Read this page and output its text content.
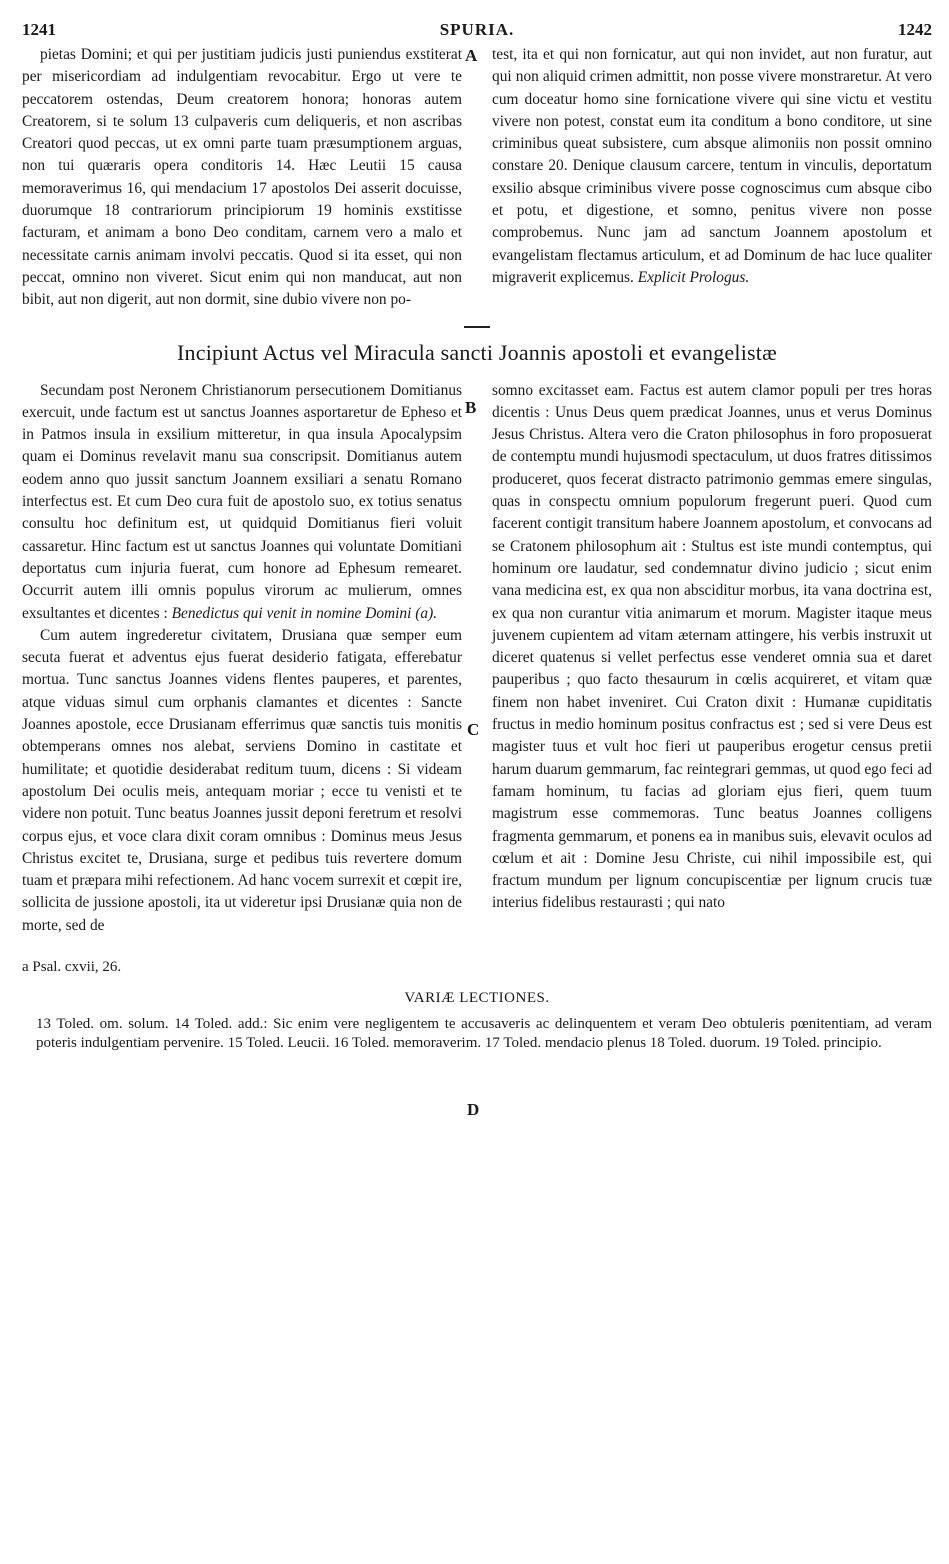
1241	SPURIA.	1242

pietas Domini; et qui per justitiam judicis justi puniendus exstiterat per misericordiam ad indulgentiam revocabitur. Ergo ut vere te peccatorem ostendas, Deum creatorem honora; honoras autem Creatorem, si te solum 13 culpaveris cum deliqueris, et non ascribas Creatori quod peccas, ut ex omni parte tuam præsumptionem arguas, non tui quæraris opera conditoris 14. Hæc Leutii 15 causa memoraverimus 16, qui mendacium 17 apostolos Dei asserit docuisse, duorumque 18 contrariorum principiorum 19 hominis exstitisse facturam, et animam a bono Deo conditam, carnem vero a malo et necessitate carnis animam involvi peccatis. Quod si ita esset, qui non peccat, omnino non viveret. Sicut enim qui non manducat, aut non bibit, aut non digerit, aut non dormit, sine dubio vivere non po-

test, ita et qui non fornicatur, aut qui non invidet, aut non furatur, aut qui non aliquid crimen admittit, non posse vivere monstraretur. At vero cum doceatur homo sine fornicatione vivere qui sine victu et vestitu vivere non potest, constat eum ita conditum a bono conditore, ut sine criminibus queat subsistere, cum absque alimoniis non possit omnino constare 20. Denique clausum carcere, tentum in vinculis, deportatum exsilio absque criminibus vivere posse cognoscimus cum absque cibo et potu, et digestione, et somno, penitus vivere non posse comprobemus. Nunc jam ad sanctum Joannem apostolum et evangelistam flectamus articulum, et ad Dominum de hac luce qualiter migraverit explicemus. Explicit Prologus.

A
B
Incipiunt Actus vel Miracula sancti Joannis apostoli et evangelistæ

Secundam post Neronem Christianorum persecutionem Domitianus exercuit, unde factum est ut sanctus Joannes asportaretur de Epheso et in Patmos insula in exsilium mitteretur, in qua insula Apocalypsim quam ei Dominus revelavit manu sua conscripsit. Domitianus autem eodem anno quo jussit sanctum Joannem exsiliari a senatu Romano interfectus est. Et cum Deo cura fuit de apostolo suo, ex totius senatus consultu hoc definitum est, ut quidquid Domitianus fieri voluit cassaretur. Hinc factum est ut sanctus Joannes qui voluntate Domitiani deportatus cum injuria fuerat, cum honore ad Ephesum remearet. Occurrit autem illi omnis populus virorum ac mulierum, omnes exsultantes et dicentes : Benedictus qui venit in nomine Domini (a).

Cum autem ingrederetur civitatem, Drusiana quæ semper eum secuta fuerat et adventus ejus fuerat desiderio fatigata, efferebatur mortua. Tunc sanctus Joannes videns flentes pauperes, et parentes, atque viduas simul cum orphanis clamantes et dicentes : Sancte Joannes apostole, ecce Drusianam efferrimus quæ sanctis tuis monitis obtemperans omnes nos alebat, serviens Domino in castitate et humilitate; et quotidie desiderabat reditum tuum, dicens : Si videam apostolum Dei oculis meis, antequam moriar ; ecce tu venisti et te videre non potuit. Tunc beatus Joannes jussit deponi feretrum et resolvi corpus ejus, et voce clara dixit coram omnibus : Dominus meus Jesus Christus excitet te, Drusiana, surge et pedibus tuis revertere domum tuam et præpara mihi refectionem. Ad hanc vocem surrexit et cœpit ire, sollicita de jussione apostoli, ita ut videretur ipsi Drusianæ quia non de morte, sed de

somno excitasset eam. Factus est autem clamor populi per tres horas dicentis : Unus Deus quem prædicat Joannes, unus et verus Dominus Jesus Christus. Altera vero die Craton philosophus in foro proposuerat de contemptu mundi hujusmodi spectaculum, ut duos fratres ditissimos produceret, quos fecerat distracto patrimonio gemmas emere singulas, quas in conspectu omnium populorum fregerunt pueri. Quod cum facerent contigit transitum habere Joannem apostolum, et convocans ad se Cratonem philosophum ait : Stultus est iste mundi contemptus, qui hominum ore laudatur, sed condemnatur divino judicio ; sicut enim vana medicina est, ex qua non absciditur morbus, ita vana doctrina est, ex qua non curantur vitia animarum et morum. Magister itaque meus juvenem cupientem ad vitam æternam attingere, his verbis instruxit ut diceret quatenus si vellet perfectus esse venderet omnia sua et daret pauperibus ; quo facto thesaurum in cœlis acquireret, et vitam quæ finem non habet inveniret. Cui Craton dixit : Humanæ cupiditatis fructus in medio hominum positus confractus est ; sed si vere Deus est magister tuus et vult hoc fieri ut pauperibus erogetur census pretii harum duarum gemmarum, fac reintegrari gemmas, ut quod ego feci ad famam hominum, tu facias ad gloriam ejus fieri, quem tuum magistrum esse commemoras. Tunc beatus Joannes colligens fragmenta gemmarum, et ponens ea in manibus suis, elevavit oculos ad cœlum et ait : Domine Jesu Christe, cui nihil impossibile est, qui fractum mundum per lignum concupiscentiæ per lignum crucis tuæ interius fidelibus restaurasti ; qui nato

C
D
a Psal. cxvii, 26.
VARIÆ LECTIONES.
13 Toled. om. solum. 14 Toled. add.: Sic enim vere negligentem te accusaveris ac delinquentem et veram Deo obtuleris pœnitentiam, ad veram poteris indulgentiam pervenire. 15 Toled. Leucii. 16 Toled. memoraverim. 17 Toled. mendacio plenus 18 Toled. duorum. 19 Toled. principio.
